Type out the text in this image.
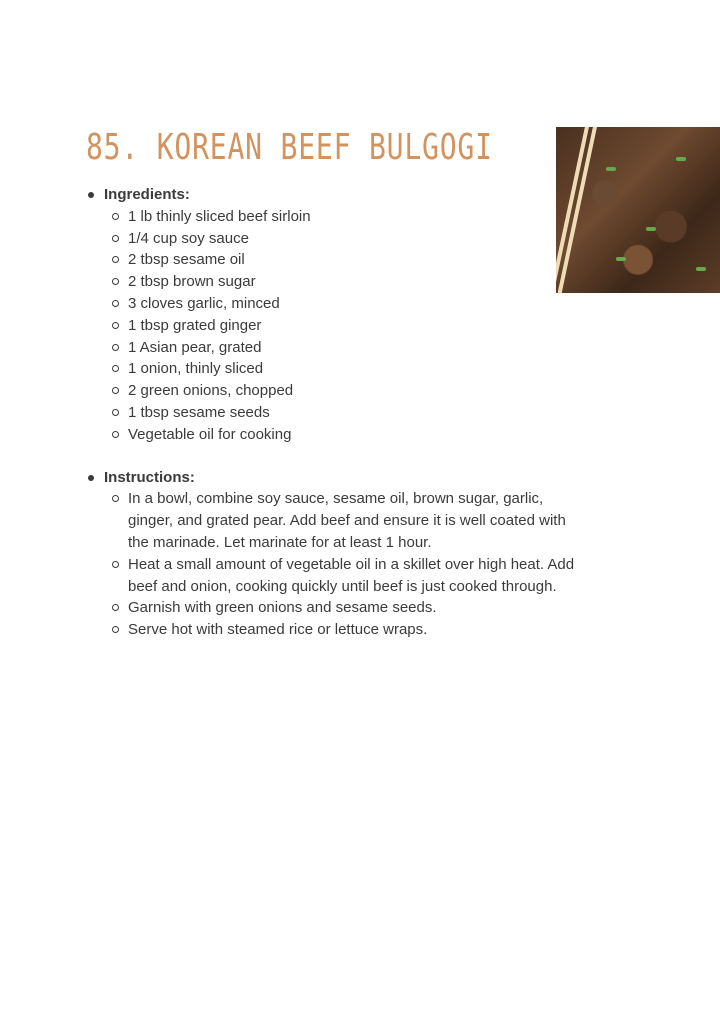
85. KOREAN BEEF BULGOGI
Ingredients:
1 lb thinly sliced beef sirloin
1/4 cup soy sauce
2 tbsp sesame oil
2 tbsp brown sugar
3 cloves garlic, minced
1 tbsp grated ginger
1 Asian pear, grated
1 onion, thinly sliced
2 green onions, chopped
1 tbsp sesame seeds
Vegetable oil for cooking
Instructions:
In a bowl, combine soy sauce, sesame oil, brown sugar, garlic, ginger, and grated pear. Add beef and ensure it is well coated with the marinade. Let marinate for at least 1 hour.
Heat a small amount of vegetable oil in a skillet over high heat. Add beef and onion, cooking quickly until beef is just cooked through.
Garnish with green onions and sesame seeds.
Serve hot with steamed rice or lettuce wraps.
